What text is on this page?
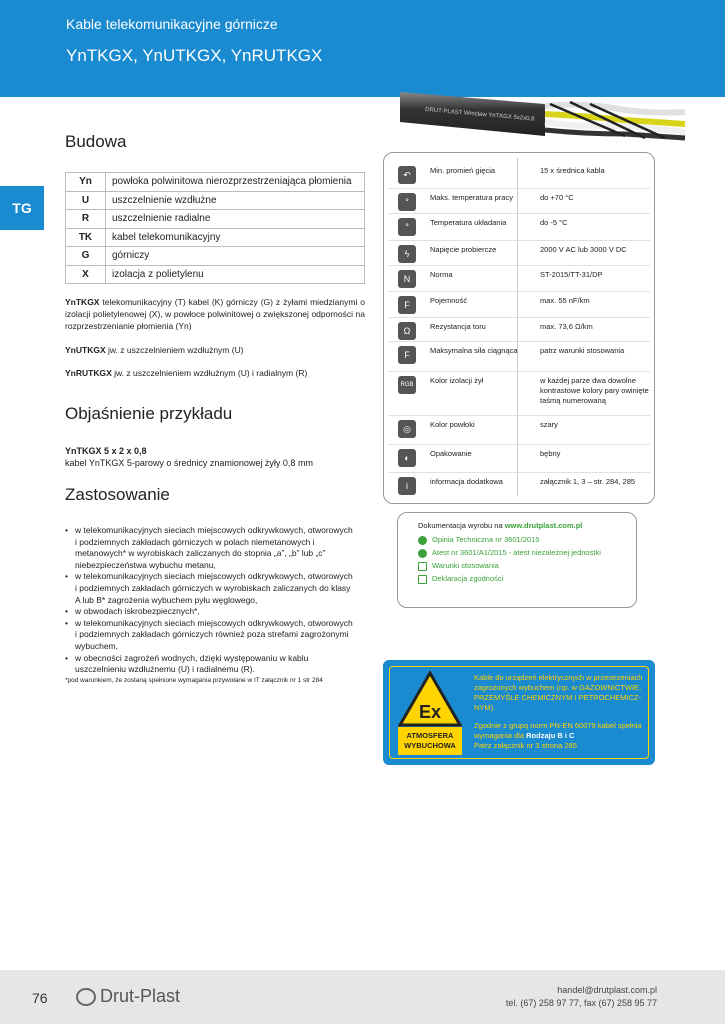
Kable telekomunikacyjne górnicze
YnTKGX, YnUTKGX, YnRUTKGX
TG
DRUT-PLAST Wrocław YnTKGX 5x2x0,8
Budowa
Yn	powłoka polwinitowa nierozprzestrzeniająca płomienia
U	uszczelnienie wzdłużne
R	uszczelnienie radialne
TK	kabel telekomunikacyjny
G	górniczy
X	izolacja z polietylenu
YnTKGX telekomunikacyjny (T) kabel (K) górniczy (G) z żyłami miedzianymi o izolacji polietylenowej (X), w powłoce polwinitowej o zwiększonej odporności na rozprzestrzenianie płomienia (Yn)
YnUTKGX jw. z uszczelnieniem wzdłużnym (U)
YnRUTKGX jw. z uszczelnieniem wzdłużnym (U) i radialnym (R)
Objaśnienie przykładu
YnTKGX 5 x 2 x 0,8
kabel YnTKGX 5-parowy o średnicy znamionowej żyły 0,8 mm
Zastosowanie
• w telekomunikacyjnych sieciach miejscowych odkrywkowych, otworowych i podziemnych zakładach górniczych w polach niemetanowych i metanowych* w wyrobiskach zaliczanych do stopnia „a”, „b” lub „c” niebezpieczeństwa wybuchu metanu,
• w telekomunikacyjnych sieciach miejscowych odkrywkowych, otworowych i podziemnych zakładach górniczych w wyrobiskach zaliczanych do klasy A lub B* zagrożenia wybuchem pyłu węglowego,
• w obwodach iskrobezpiecznych*,
• w telekomunikacyjnych sieciach miejscowych odkrywkowych, otworowych i podziemnych zakładach górniczych również poza strefami zagrożonymi wybuchem,
• w obecności zagrożeń wodnych, dzięki występowaniu w kablu uszczelnieniu wzdłużnemu (U) i radialnemu (R).
*pod warunkiem, że zostaną spełnione wymagania przywołane w IT załącznik nr 1 str 284
↶	Min. promień gięcia	15 x średnica kabla
°	Maks. temperatura pracy	do +70 °C
°	Temperatura układania	do -5 °C
ϟ	Napięcie probiercze	2000 V AC lub 3000 V DC
N	Norma	ST-2015/TT-31/DP
F	Pojemność	max. 55 nF/km
Ω	Rezystancja toru	max. 73,6 Ω/km
F	Maksymalna siła ciągnąca	patrz warunki stosowania
RGB	Kolor izolacji żył	w każdej parze dwa dowolne kontrastowe kolory pary owinięte taśmą numerowaną
◎	Kolor powłoki	szary
◐	Opakowanie	bębny
i	informacja dodatkowa	załącznik 1, 3 – str. 284, 285
Dokumentacja wyrobu na www.drutplast.com.pl
Opinia Techniczna nr 3601/2015
Atest nr 3601/A1/2015 - atest niezależnej jednostki
Warunki stosowania
Deklaracja zgodności
Ex
ATMOSFERA WYBUCHOWA
Kable do urządzeń elektrycznych w przestrzeniach zagrożonych wybuchem (np. w GAZOWNICTWIE, PRZEMYŚLE CHEMICZNYM I PETROCHEMICZ-NYM).
Zgodnie z grupą norm PN-EN 60079 kabel spełnia wymagania dla Rodzaju B i C
Patrz załącznik nr 3 strona 285
76	Drut-Plast	handel@drutplast.com.pl
tel. (67) 258 97 77, fax (67) 258 95 77
